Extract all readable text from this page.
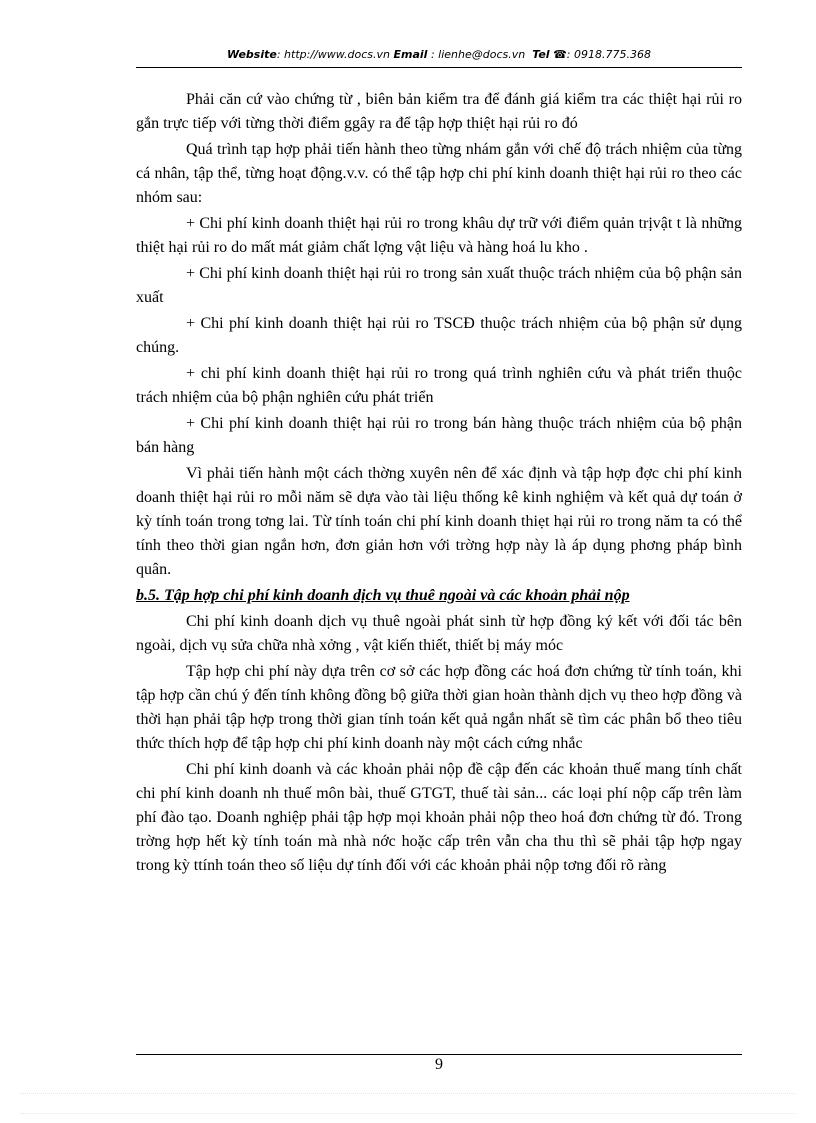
Website: http://www.docs.vn Email : lienhe@docs.vn Tel ☎: 0918.775.368

Phải căn cứ vào chứng từ , biên bản kiểm tra để đánh giá kiểm tra các thiệt hại rủi ro gắn trực tiếp với từng thời điểm ggây ra để tập hợp thiệt hại rủi ro đó

Quá trình tạp hợp phải tiến hành theo từng nhám gắn với chế độ trách nhiệm của từng cá nhân, tập thể, từng hoạt động.v.v. có thể tập hợp chi phí kinh doanh thiệt hại rủi ro theo các nhóm sau:

+ Chi phí kinh doanh thiệt hại rủi ro trong khâu dự trữ với điểm quản trịvật t là những thiệt hại rủi ro do mất mát giảm chất lợng vật liệu và hàng hoá lu kho .

+ Chi phí kinh doanh thiệt hại rủi ro trong sản xuất thuộc trách nhiệm của bộ phận sản xuất

+ Chi phí kinh doanh thiệt hại rủi ro TSCĐ thuộc trách nhiệm của bộ phận sử dụng chúng.

+ chi phí kinh doanh thiệt hại rủi ro trong quá trình nghiên cứu và phát triển thuộc trách nhiệm của bộ phận nghiên cứu phát triển

+ Chi phí kinh doanh thiệt hại rủi ro trong bán hàng thuộc trách nhiệm của bộ phận bán hàng

Vì phải tiến hành một cách thờng xuyên nên để xác định và tập hợp đợc chi phí kinh doanh thiệt hại rủi ro mỗi năm sẽ dựa vào tài liệu thống kê kinh nghiệm và kết quả dự toán ở kỳ tính toán trong tơng lai. Từ tính toán chi phí kinh doanh thiẹt hại rủi ro trong năm ta có thể tính theo thời gian ngắn hơn, đơn giản hơn với trờng hợp này là áp dụng phơng pháp bình quân.

b.5. Tập hợp chi phí kinh doanh dịch vụ thuê ngoài và các khoản phải nộp

Chi phí kinh doanh dịch vụ thuê ngoài phát sinh từ hợp đồng ký kết với đối tác bên ngoài, dịch vụ sửa chữa nhà xởng , vật kiến thiết, thiết bị máy móc

Tập hợp chi phí này dựa trên cơ sở các hợp đồng các hoá đơn chứng từ tính toán, khi tập hợp cần chú ý đến tính không đồng bộ giữa thời gian hoàn thành dịch vụ theo hợp đồng và thời hạn phải tập hợp trong thời gian tính toán kết quả ngắn nhất sẽ tìm các phân bổ theo tiêu thức thích hợp để tập hợp chi phí kinh doanh này một cách cứng nhắc

Chi phí kinh doanh và các khoản phải nộp đề cập đến các khoản thuế mang tính chất chi phí kinh doanh nh thuế môn bài, thuế GTGT, thuế tài sản... các loại phí nộp cấp trên làm phí đào tạo. Doanh nghiệp phải tập hợp mọi khoản phải nộp theo hoá đơn chứng từ đó. Trong trờng hợp hết kỳ tính toán mà nhà nớc hoặc cấp trên vẫn cha thu thì sẽ phải tập hợp ngay trong kỳ ttính toán theo số liệu dự tính đối với các khoản phải nộp tơng đối rõ ràng

9
